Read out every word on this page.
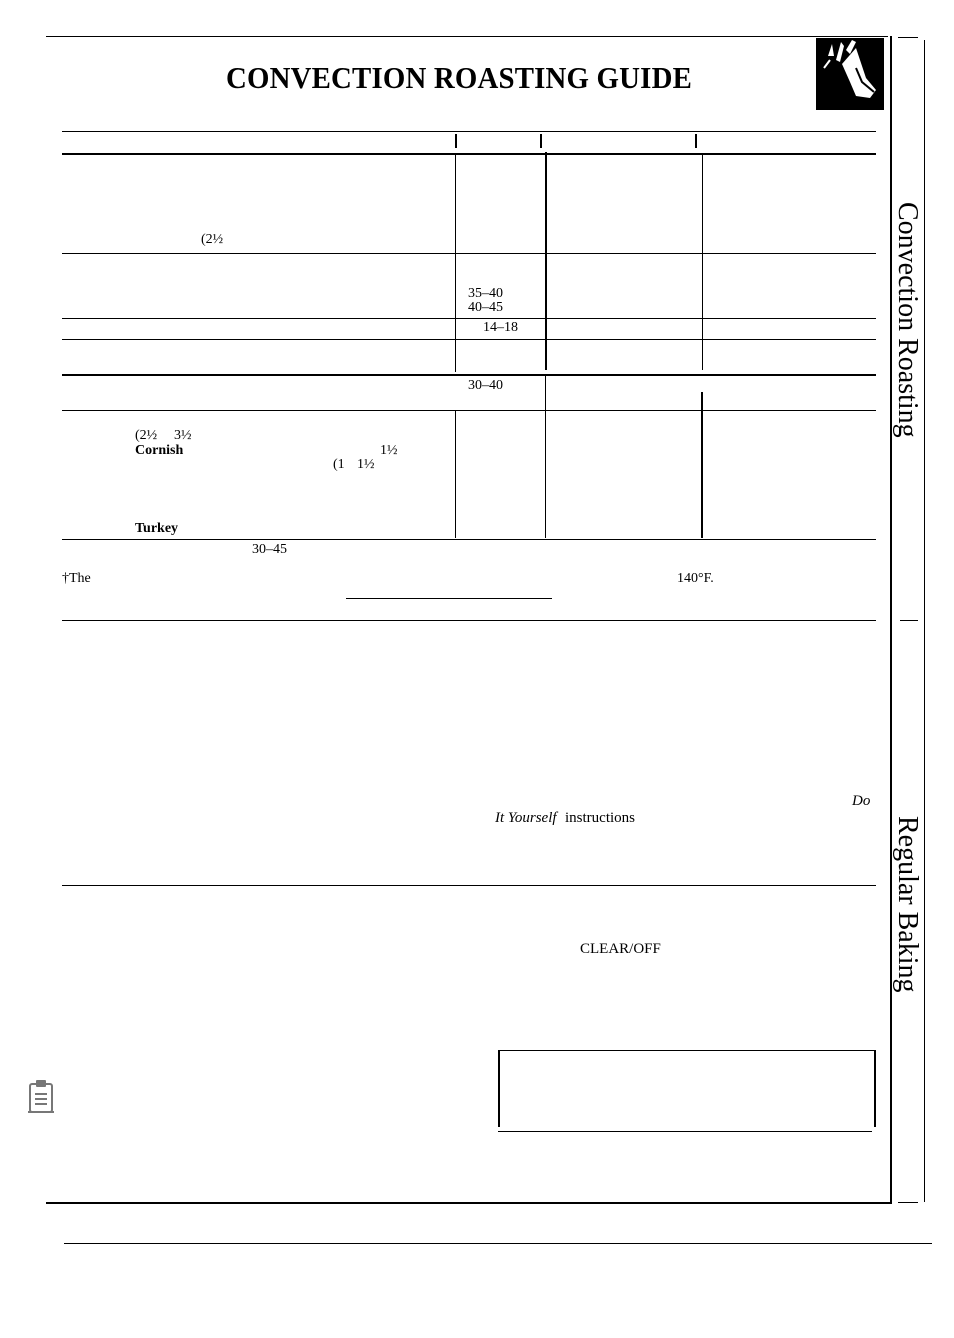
CONVECTION ROASTING GUIDE
Convection Roasting
Regular Baking
(2½
35–40
40–45
14–18
30–40
(2½ 3½
Cornish	1½
(1 1½
Turkey
30–45
†The	140°F.
Do
It Yourself instructions
CLEAR/OFF
